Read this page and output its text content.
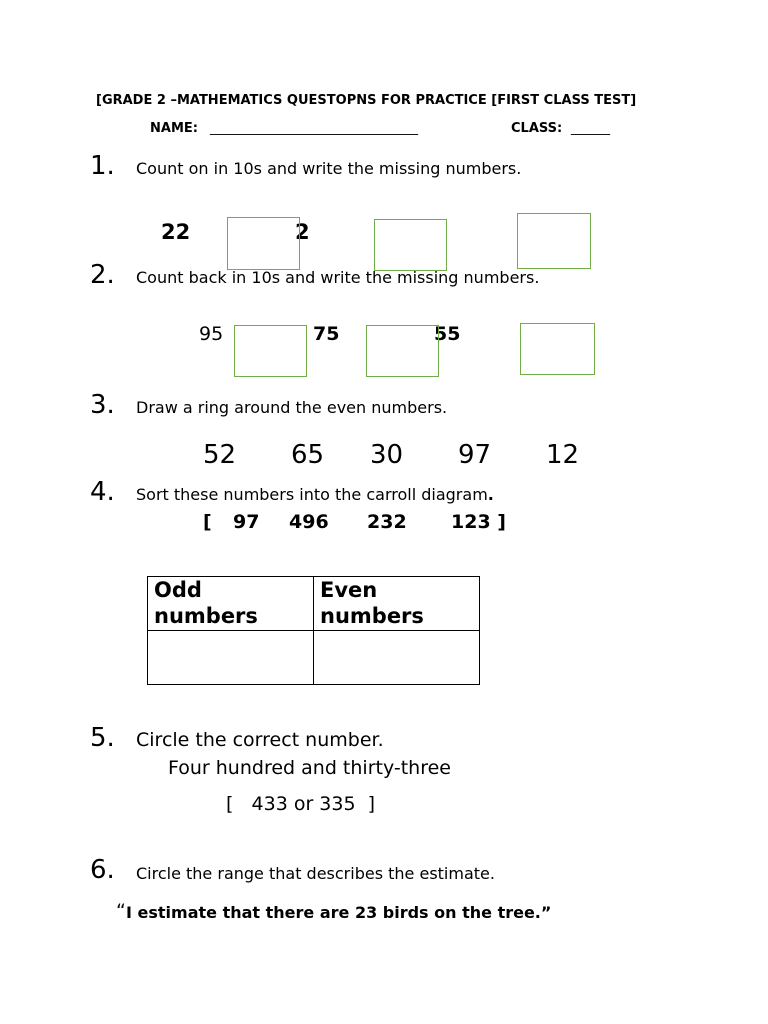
[GRADE 2 –MATHEMATICS QUESTOPNS FOR PRACTICE [FIRST CLASS TEST]
NAME: ________________________________	CLASS: ______
1. Count on in 10s and write the missing numbers.
22	2
2. Count back in 10s and write the missing numbers.
95	75	55
3. Draw a ring around the even numbers.
52 65 30 97 12
4. Sort these numbers into the carroll diagram.
[ 97 496 232 123 ]
Odd numbers	Even numbers

5. Circle the correct number.
Four hundred and thirty-three
[   433 or 335  ]
6. Circle the range that describes the estimate.
“ I estimate that there are 23 birds on the tree.”
